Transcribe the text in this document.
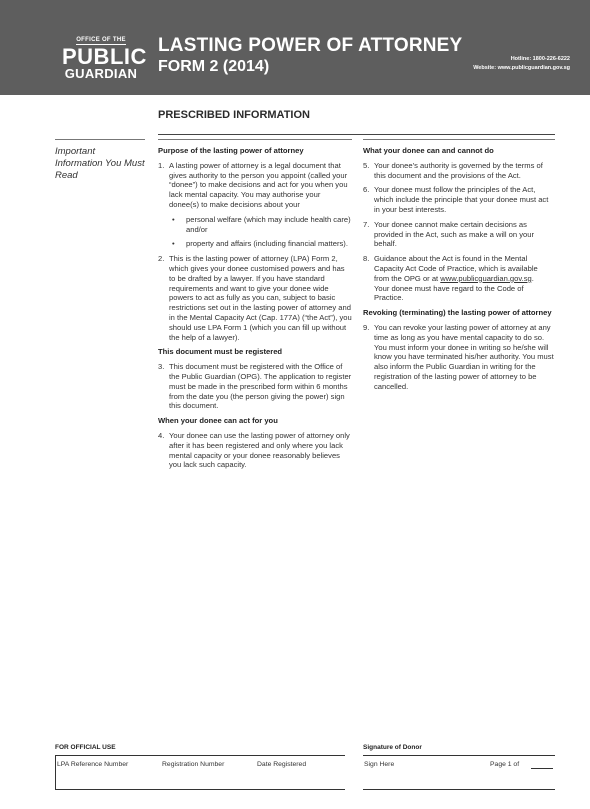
OFFICE OF THE
PUBLIC
GUARDIAN
LASTING POWER OF ATTORNEY
FORM 2 (2014)	Hotline: 1800-226-6222
Website: www.publicguardian.gov.sg
PRESCRIBED INFORMATION
Important Information You Must Read
Purpose of the lasting power of attorney
1. A lasting power of attorney is a legal document that gives authority to the person you appoint (called your “donee”) to make decisions and act for you when you lack mental capacity. You may authorise your donee(s) to make decisions about your
•	personal welfare (which may include health care) and/or
•	property and affairs (including financial matters).
2. This is the lasting power of attorney (LPA) Form 2, which gives your donee customised powers and has to be drafted by a lawyer. If you have standard requirements and want to give your donee wide powers to act as fully as you can, subject to basic restrictions set out in the lasting power of attorney and in the Mental Capacity Act (Cap. 177A) (“the Act”), you should use LPA Form 1 (which you can fill up without the help of a lawyer).
This document must be registered
3. This document must be registered with the Office of the Public Guardian (OPG). The application to register must be made in the prescribed form within 6 months from the date you (the person giving the power) sign this document.
When your donee can act for you
4. Your donee can use the lasting power of attorney only after it has been registered and only where you lack mental capacity or your donee reasonably believes you lack such capacity.
What your donee can and cannot do
5. Your donee’s authority is governed by the terms of this document and the provisions of the Act.
6. Your donee must follow the principles of the Act, which include the principle that your donee must act in your best interests.
7. Your donee cannot make certain decisions as provided in the Act, such as make a will on your behalf.
8. Guidance about the Act is found in the Mental Capacity Act Code of Practice, which is available from the OPG or at www.publicguardian.gov.sg.
Your donee must have regard to the Code of Practice.
Revoking (terminating) the lasting power of attorney
9. You can revoke your lasting power of attorney at any time as long as you have mental capacity to do so. You must inform your donee in writing so he/she will know you have terminated his/her authority. You must also inform the Public Guardian in writing for the registration of the lasting power of attorney to be cancelled.
FOR OFFICIAL USE
LPA Reference Number	Registration Number	Date Registered
Signature of Donor
Sign Here	Page 1 of
